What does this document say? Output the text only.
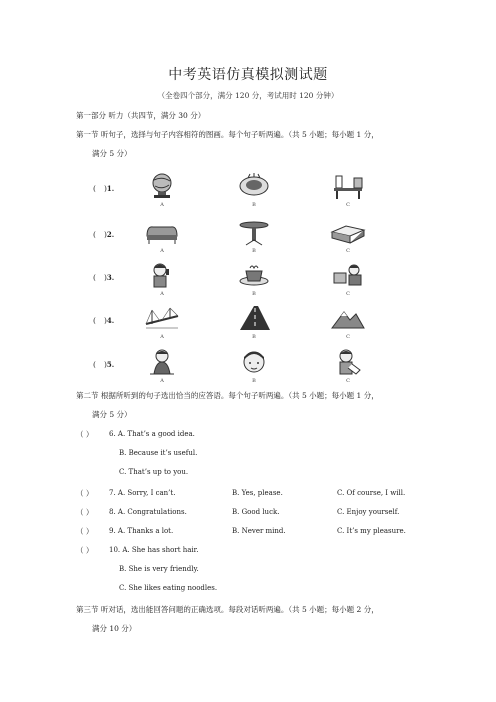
中考英语仿真模拟测试题
（全卷四个部分，满分 120 分，考试用时 120 分钟）
第一部分 听力（共四节，满分 30 分）
第一节 听句子，选择与句子内容相符的图画。每个句子听两遍。（共 5 小题；每小题 1 分，
满分 5 分）
( )1.
A	B	C
( )2.
A	B	C
( )3.
A	B	C
( )4.
A	B	C
( )5.
A	B	C
第二节 根据所听到的句子选出恰当的应答语。每个句子听两遍。（共 5 小题；每小题 1 分，
满分 5 分）
（ ） 6. A. That’s a good idea.
B. Because it’s useful.
C. That’s up to you.
（ ） 7. A. Sorry, I can’t.	B. Yes, please.	C. Of course, I will.
（ ） 8. A. Congratulations.	B. Good luck.	C. Enjoy yourself.
（ ） 9. A. Thanks a lot.	B. Never mind.	C. It’s my pleasure.
（ ） 10. A. She has short hair.
B. She is very friendly.
C. She likes eating noodles.
第三节 听对话，选出能回答问题的正确选项。每段对话听两遍。（共 5 小题；每小题 2 分，
满分 10 分）
